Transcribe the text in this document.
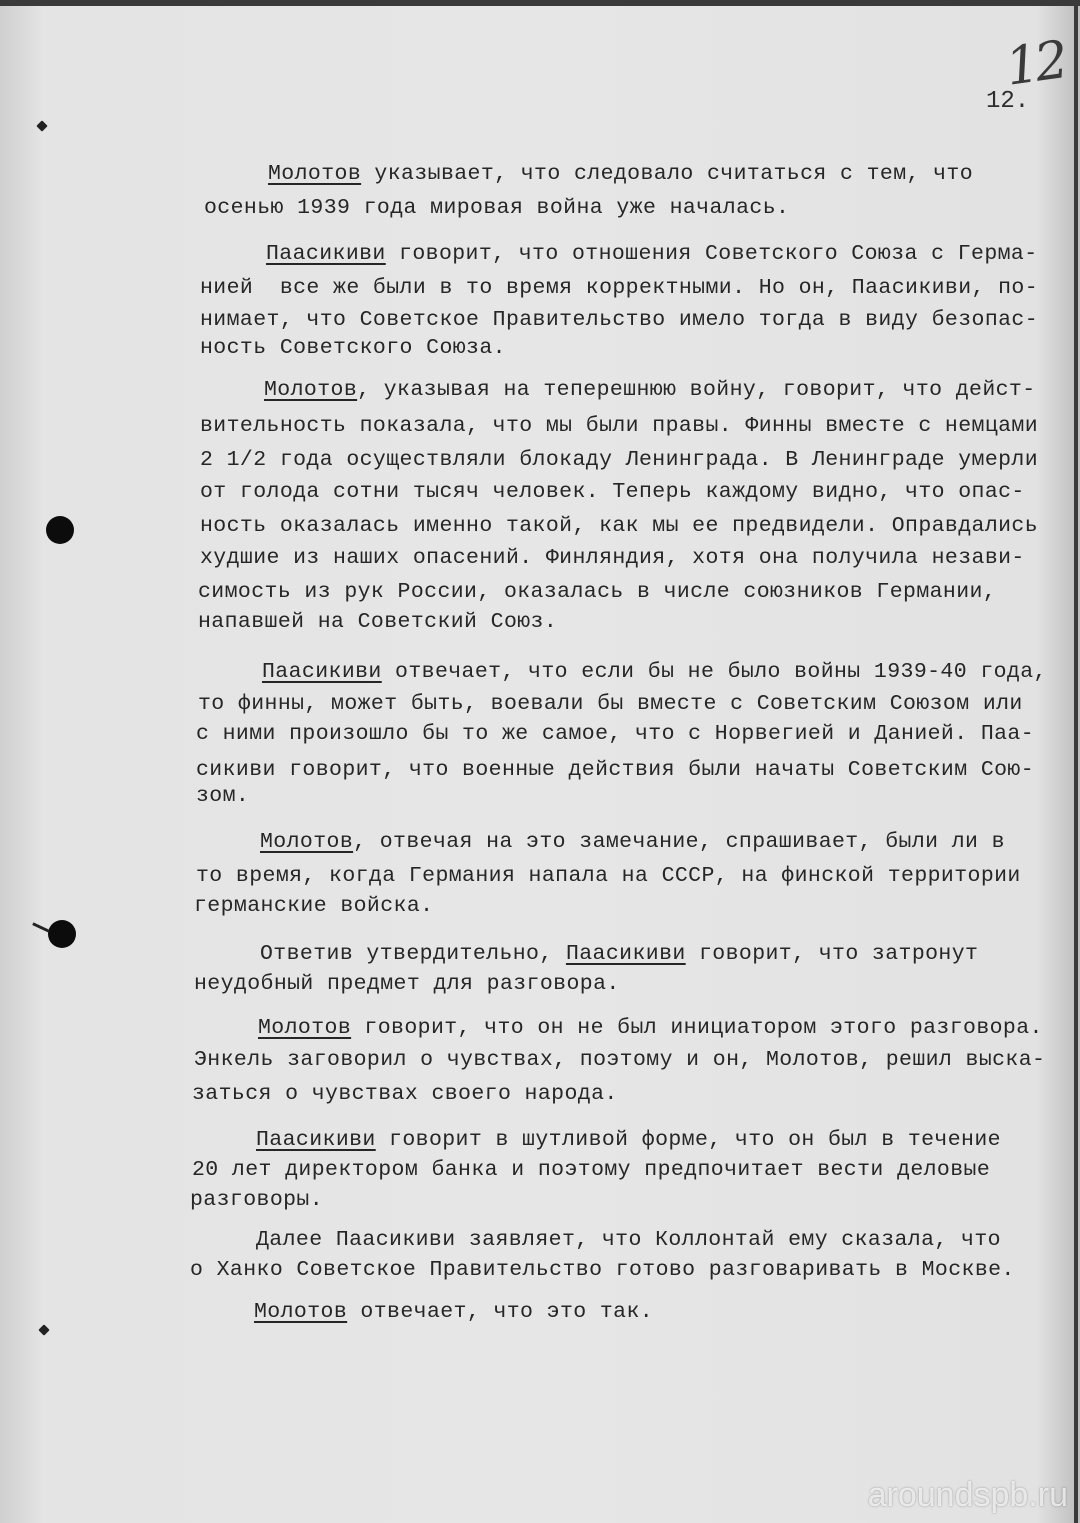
12
12.
Молотов указывает, что следовало считаться с тем, что
осенью 1939 года мировая война уже началась.
Паасикиви говорит, что отношения Советского Союза с Герма-
нией  все же были в то время корректными. Но он, Паасикиви, по-
нимает, что Советское Правительство имело тогда в виду безопас-
ность Советского Союза.
Молотов, указывая на теперешнюю войну, говорит, что дейст-
вительность показала, что мы были правы. Финны вместе с немцами
2 1/2 года осуществляли блокаду Ленинграда. В Ленинграде умерли
от голода сотни тысяч человек. Теперь каждому видно, что опас-
ность оказалась именно такой, как мы ее предвидели. Оправдались
худшие из наших опасений. Финляндия, хотя она получила незави-
симость из рук России, оказалась в числе союзников Германии,
напавшей на Советский Союз.
Паасикиви отвечает, что если бы не было войны 1939-40 года,
то финны, может быть, воевали бы вместе с Советским Союзом или
с ними произошло бы то же самое, что с Норвегией и Данией. Паа-
сикиви говорит, что военные действия были начаты Советским Сою-
зом.
Молотов, отвечая на это замечание, спрашивает, были ли в
то время, когда Германия напала на СССР, на финской территории
германские войска.
Ответив утвердительно, Паасикиви говорит, что затронут
неудобный предмет для разговора.
Молотов говорит, что он не был инициатором этого разговора.
Энкель заговорил о чувствах, поэтому и он, Молотов, решил выска-
заться о чувствах своего народа.
Паасикиви говорит в шутливой форме, что он был в течение
20 лет директором банка и поэтому предпочитает вести деловые
разговоры.
Далее Паасикиви заявляет, что Коллонтай ему сказала, что
о Ханко Советское Правительство готово разговаривать в Москве.
Молотов отвечает, что это так.
aroundspb.ru
